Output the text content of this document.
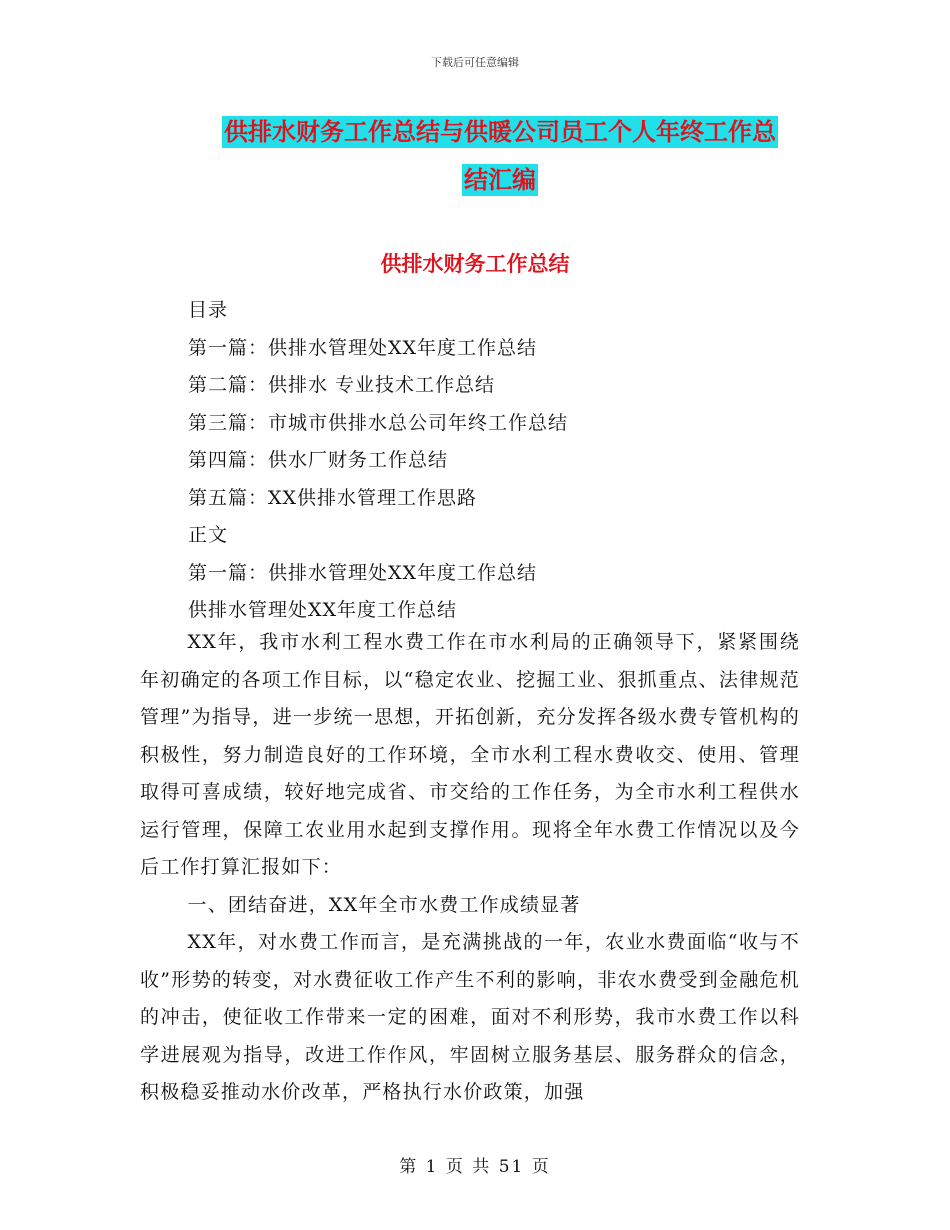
下载后可任意编辑
供排水财务工作总结与供暖公司员工个人年终工作总
结汇编
供排水财务工作总结
目录
第一篇：供排水管理处XX年度工作总结
第二篇：供排水 专业技术工作总结
第三篇：市城市供排水总公司年终工作总结
第四篇：供水厂财务工作总结
第五篇：XX供排水管理工作思路
正文
第一篇：供排水管理处XX年度工作总结
供排水管理处XX年度工作总结

XX年，我市水利工程水费工作在市水利局的正确领导下，紧紧围绕年初确定的各项工作目标，以“稳定农业、挖掘工业、狠抓重点、法律规范管理”为指导，进一步统一思想，开拓创新，充分发挥各级水费专管机构的积极性，努力制造良好的工作环境，全市水利工程水费收交、使用、管理取得可喜成绩，较好地完成省、市交给的工作任务，为全市水利工程供水运行管理，保障工农业用水起到支撑作用。现将全年水费工作情况以及今后工作打算汇报如下：

一、团结奋进，XX年全市水费工作成绩显著

XX年，对水费工作而言，是充满挑战的一年，农业水费面临“收与不收”形势的转变，对水费征收工作产生不利的影响，非农水费受到金融危机的冲击，使征收工作带来一定的困难，面对不利形势，我市水费工作以科学进展观为指导，改进工作作风，牢固树立服务基层、服务群众的信念，积极稳妥推动水价改革，严格执行水价政策，加强

第 1 页 共 51 页
